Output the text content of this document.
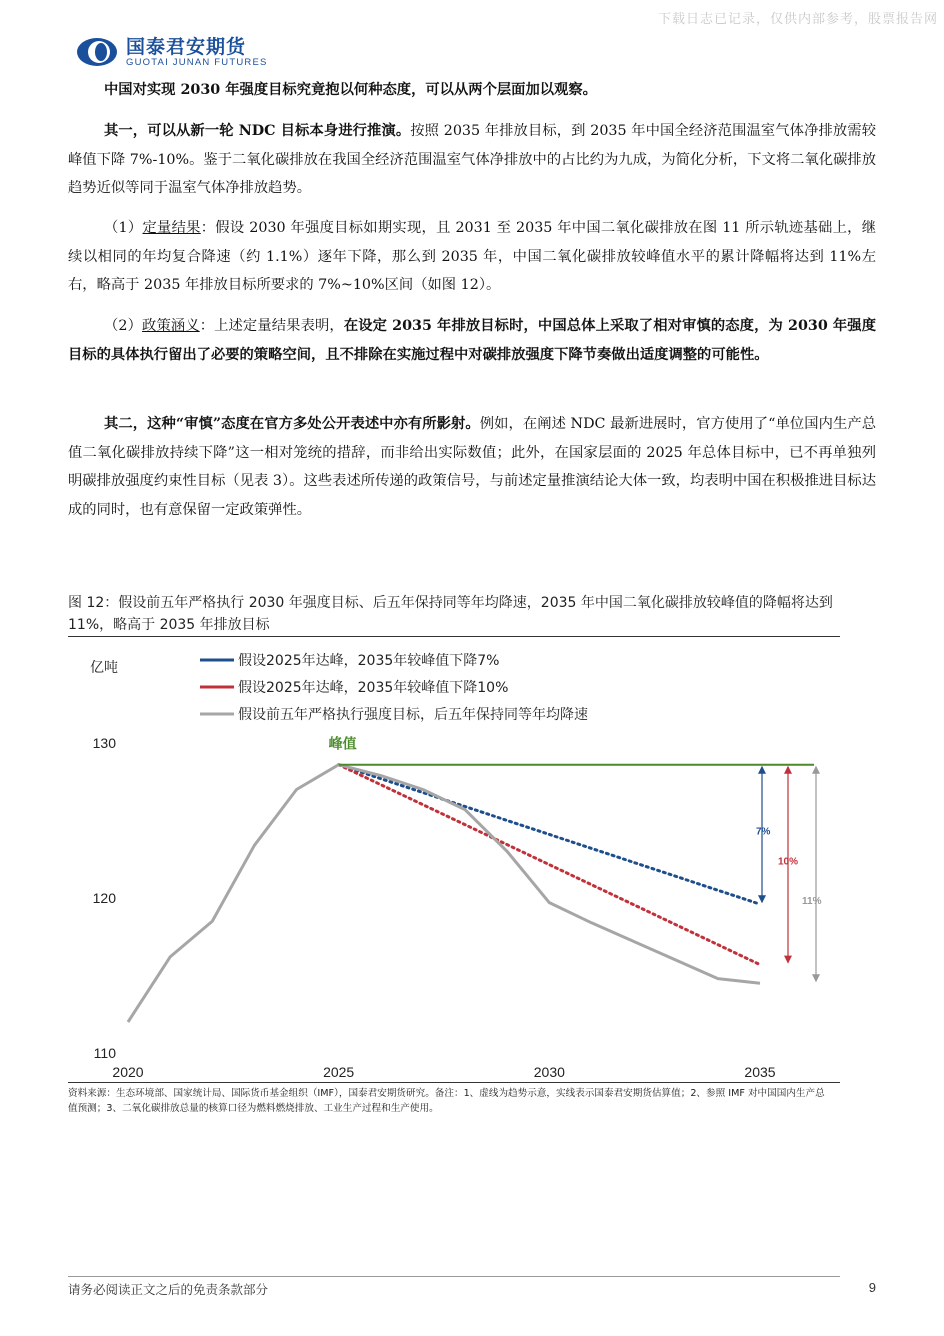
下载日志已记录，仅供内部参考，股票报告网
国泰君安期货
GUOTAI JUNAN FUTURES
中国对实现 2030 年强度目标究竟抱以何种态度，可以从两个层面加以观察。
其一，可以从新一轮 NDC 目标本身进行推演。按照 2035 年排放目标，到 2035 年中国全经济范围温室气体净排放需较峰值下降 7%-10%。鉴于二氧化碳排放在我国全经济范围温室气体净排放中的占比约为九成，为简化分析，下文将二氧化碳排放趋势近似等同于温室气体净排放趋势。
（1）定量结果：假设 2030 年强度目标如期实现，且 2031 至 2035 年中国二氧化碳排放在图 11 所示轨迹基础上，继续以相同的年均复合降速（约 1.1%）逐年下降，那么到 2035 年，中国二氧化碳排放较峰值水平的累计降幅将达到 11%左右，略高于 2035 年排放目标所要求的 7%~10%区间（如图 12）。
（2）政策涵义：上述定量结果表明，在设定 2035 年排放目标时，中国总体上采取了相对审慎的态度，为 2030 年强度目标的具体执行留出了必要的策略空间，且不排除在实施过程中对碳排放强度下降节奏做出适度调整的可能性。
其二，这种“审慎”态度在官方多处公开表述中亦有所影射。例如，在阐述 NDC 最新进展时，官方使用了“单位国内生产总值二氧化碳排放持续下降”这一相对笼统的措辞，而非给出实际数值；此外，在国家层面的 2025 年总体目标中，已不再单独列明碳排放强度约束性目标（见表 3）。这些表述所传递的政策信号，与前述定量推演结论大体一致，均表明中国在积极推进目标达成的同时，也有意保留一定政策弹性。
图 12：假设前五年严格执行 2030 年强度目标、后五年保持同等年均降速，2035 年中国二氧化碳排放较峰值的降幅将达到 11%，略高于 2035 年排放目标
亿吨	假设2025年达峰，2035年较峰值下降7%
假设2025年达峰，2035年较峰值下降10%
假设前五年严格执行强度目标，后五年保持同等年均降速
7%
10%
11%
110
120
130
2020	2025	2030	2035
峰值
资料来源：生态环境部、国家统计局、国际货币基金组织（IMF），国泰君安期货研究。备注：1、虚线为趋势示意，实线表示国泰君安期货估算值；2、参照 IMF 对中国国内生产总值预测；3、二氧化碳排放总量的核算口径为燃料燃烧排放、工业生产过程和生产使用。
请务必阅读正文之后的免责条款部分	9
